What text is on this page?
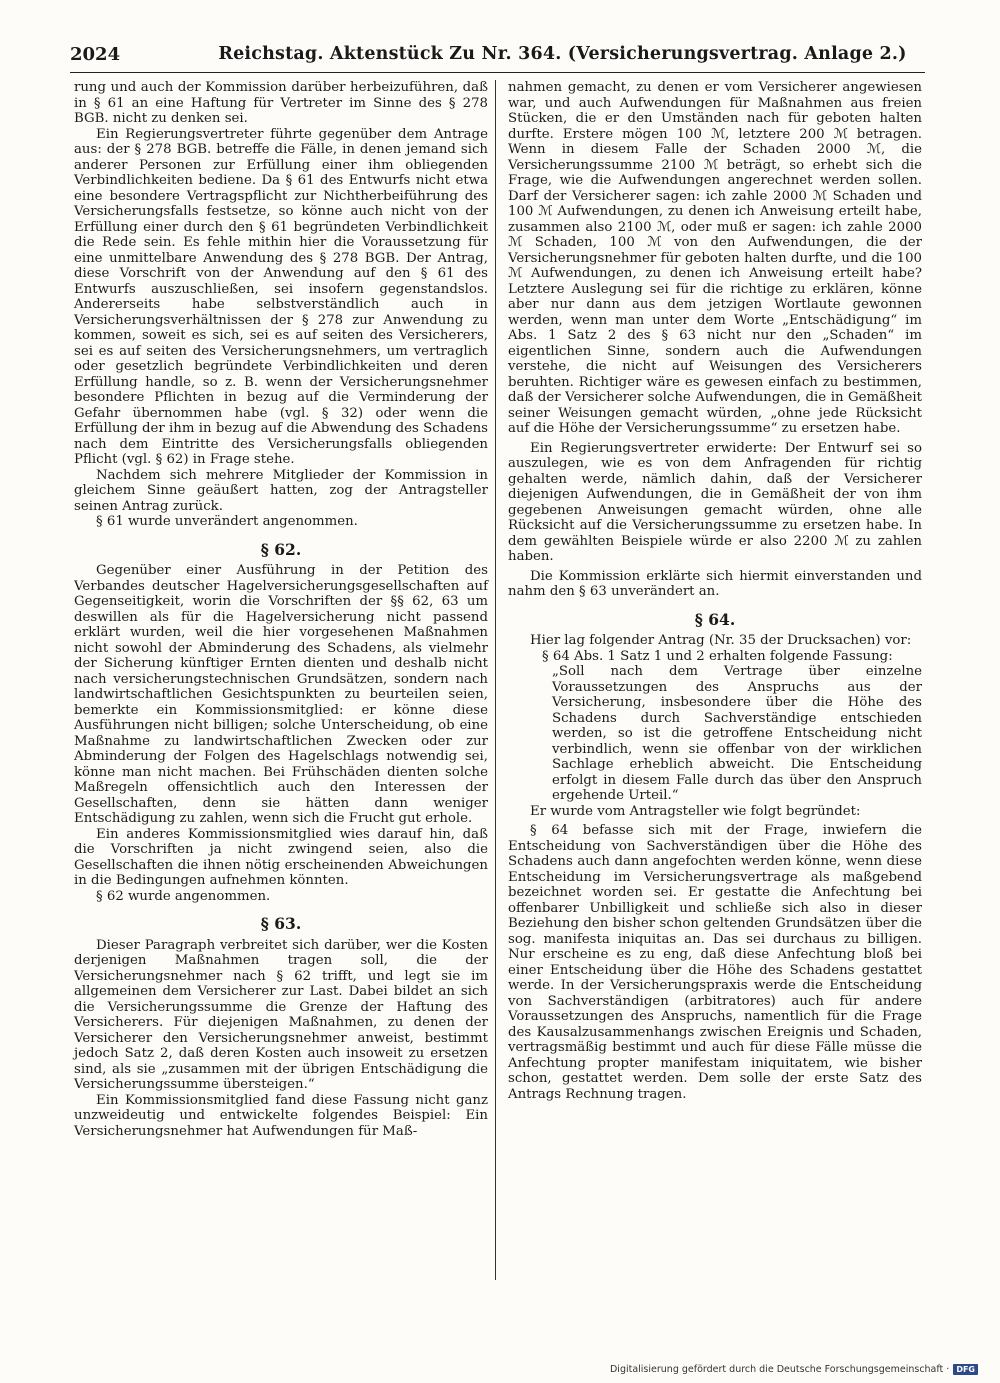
2024	Reichstag. Aktenstück Zu Nr. 364. (Versicherungsvertrag. Anlage 2.)

rung und auch der Kommission darüber herbeizuführen, daß in § 61 an eine Haftung für Vertreter im Sinne des § 278 BGB. nicht zu denken sei.

Ein Regierungsvertreter führte gegenüber dem Antrage aus: der § 278 BGB. betreffe die Fälle, in denen jemand sich anderer Personen zur Erfüllung einer ihm obliegenden Verbindlichkeiten bediene. Da § 61 des Entwurfs nicht etwa eine besondere Vertragspflicht zur Nichtherbeiführung des Versicherungsfalls festsetze, so könne auch nicht von der Erfüllung einer durch den § 61 begründeten Verbindlichkeit die Rede sein. Es fehle mithin hier die Voraussetzung für eine unmittelbare Anwendung des § 278 BGB. Der Antrag, diese Vorschrift von der Anwendung auf den § 61 des Entwurfs auszuschließen, sei insofern gegenstandslos. Andererseits habe selbstverständlich auch in Versicherungsverhältnissen der § 278 zur Anwendung zu kommen, soweit es sich, sei es auf seiten des Versicherers, sei es auf seiten des Versicherungsnehmers, um vertraglich oder gesetzlich begründete Verbindlichkeiten und deren Erfüllung handle, so z. B. wenn der Versicherungsnehmer besondere Pflichten in bezug auf die Verminderung der Gefahr übernommen habe (vgl. § 32) oder wenn die Erfüllung der ihm in bezug auf die Abwendung des Schadens nach dem Eintritte des Versicherungsfalls obliegenden Pflicht (vgl. § 62) in Frage stehe.

Nachdem sich mehrere Mitglieder der Kommission in gleichem Sinne geäußert hatten, zog der Antragsteller seinen Antrag zurück.

§ 61 wurde unverändert angenommen.

§ 62.

Gegenüber einer Ausführung in der Petition des Verbandes deutscher Hagelversicherungsgesellschaften auf Gegenseitigkeit, worin die Vorschriften der §§ 62, 63 um deswillen als für die Hagelversicherung nicht passend erklärt wurden, weil die hier vorgesehenen Maßnahmen nicht sowohl der Abminderung des Schadens, als vielmehr der Sicherung künftiger Ernten dienten und deshalb nicht nach versicherungstechnischen Grundsätzen, sondern nach landwirtschaftlichen Gesichtspunkten zu beurteilen seien, bemerkte ein Kommissionsmitglied: er könne diese Ausführungen nicht billigen; solche Unterscheidung, ob eine Maßnahme zu landwirtschaftlichen Zwecken oder zur Abminderung der Folgen des Hagelschlags notwendig sei, könne man nicht machen. Bei Frühschäden dienten solche Maßregeln offensichtlich auch den Interessen der Gesellschaften, denn sie hätten dann weniger Entschädigung zu zahlen, wenn sich die Frucht gut erhole.

Ein anderes Kommissionsmitglied wies darauf hin, daß die Vorschriften ja nicht zwingend seien, also die Gesellschaften die ihnen nötig erscheinenden Abweichungen in die Bedingungen aufnehmen könnten.

§ 62 wurde angenommen.

§ 63.

Dieser Paragraph verbreitet sich darüber, wer die Kosten derjenigen Maßnahmen tragen soll, die der Versicherungsnehmer nach § 62 trifft, und legt sie im allgemeinen dem Versicherer zur Last. Dabei bildet an sich die Versicherungssumme die Grenze der Haftung des Versicherers. Für diejenigen Maßnahmen, zu denen der Versicherer den Versicherungsnehmer anweist, bestimmt jedoch Satz 2, daß deren Kosten auch insoweit zu ersetzen sind, als sie „zusammen mit der übrigen Entschädigung die Versicherungssumme übersteigen.“

Ein Kommissionsmitglied fand diese Fassung nicht ganz unzweideutig und entwickelte folgendes Beispiel: Ein Versicherungsnehmer hat Aufwendungen für Maß-

nahmen gemacht, zu denen er vom Versicherer angewiesen war, und auch Aufwendungen für Maßnahmen aus freien Stücken, die er den Umständen nach für geboten halten durfte. Erstere mögen 100 ℳ, letztere 200 ℳ betragen. Wenn in diesem Falle der Schaden 2000 ℳ, die Versicherungssumme 2100 ℳ beträgt, so erhebt sich die Frage, wie die Aufwendungen angerechnet werden sollen. Darf der Versicherer sagen: ich zahle 2000 ℳ Schaden und 100 ℳ Aufwendungen, zu denen ich Anweisung erteilt habe, zusammen also 2100 ℳ, oder muß er sagen: ich zahle 2000 ℳ Schaden, 100 ℳ von den Aufwendungen, die der Versicherungsnehmer für geboten halten durfte, und die 100 ℳ Aufwendungen, zu denen ich Anweisung erteilt habe? Letztere Auslegung sei für die richtige zu erklären, könne aber nur dann aus dem jetzigen Wortlaute gewonnen werden, wenn man unter dem Worte „Entschädigung“ im Abs. 1 Satz 2 des § 63 nicht nur den „Schaden“ im eigentlichen Sinne, sondern auch die Aufwendungen verstehe, die nicht auf Weisungen des Versicherers beruhten. Richtiger wäre es gewesen einfach zu bestimmen, daß der Versicherer solche Aufwendungen, die in Gemäßheit seiner Weisungen gemacht würden, „ohne jede Rücksicht auf die Höhe der Versicherungssumme“ zu ersetzen habe.

Ein Regierungsvertreter erwiderte: Der Entwurf sei so auszulegen, wie es von dem Anfragenden für richtig gehalten werde, nämlich dahin, daß der Versicherer diejenigen Aufwendungen, die in Gemäßheit der von ihm gegebenen Anweisungen gemacht würden, ohne alle Rücksicht auf die Versicherungssumme zu ersetzen habe. In dem gewählten Beispiele würde er also 2200 ℳ zu zahlen haben.

Die Kommission erklärte sich hiermit einverstanden und nahm den § 63 unverändert an.

§ 64.

Hier lag folgender Antrag (Nr. 35 der Drucksachen) vor:

§ 64 Abs. 1 Satz 1 und 2 erhalten folgende Fassung:

„Soll nach dem Vertrage über einzelne Voraussetzungen des Anspruchs aus der Versicherung, insbesondere über die Höhe des Schadens durch Sachverständige entschieden werden, so ist die getroffene Entscheidung nicht verbindlich, wenn sie offenbar von der wirklichen Sachlage erheblich abweicht. Die Entscheidung erfolgt in diesem Falle durch das über den Anspruch ergehende Urteil.“

Er wurde vom Antragsteller wie folgt begründet:

§ 64 befasse sich mit der Frage, inwiefern die Entscheidung von Sachverständigen über die Höhe des Schadens auch dann angefochten werden könne, wenn diese Entscheidung im Versicherungsvertrage als maßgebend bezeichnet worden sei. Er gestatte die Anfechtung bei offenbarer Unbilligkeit und schließe sich also in dieser Beziehung den bisher schon geltenden Grundsätzen über die sog. manifesta iniquitas an. Das sei durchaus zu billigen. Nur erscheine es zu eng, daß diese Anfechtung bloß bei einer Entscheidung über die Höhe des Schadens gestattet werde. In der Versicherungspraxis werde die Entscheidung von Sachverständigen (arbitratores) auch für andere Voraussetzungen des Anspruchs, namentlich für die Frage des Kausalzusammenhangs zwischen Ereignis und Schaden, vertragsmäßig bestimmt und auch für diese Fälle müsse die Anfechtung propter manifestam iniquitatem, wie bisher schon, gestattet werden. Dem solle der erste Satz des Antrags Rechnung tragen.

Digitalisierung gefördert durch die Deutsche Forschungsgemeinschaft · DFG
